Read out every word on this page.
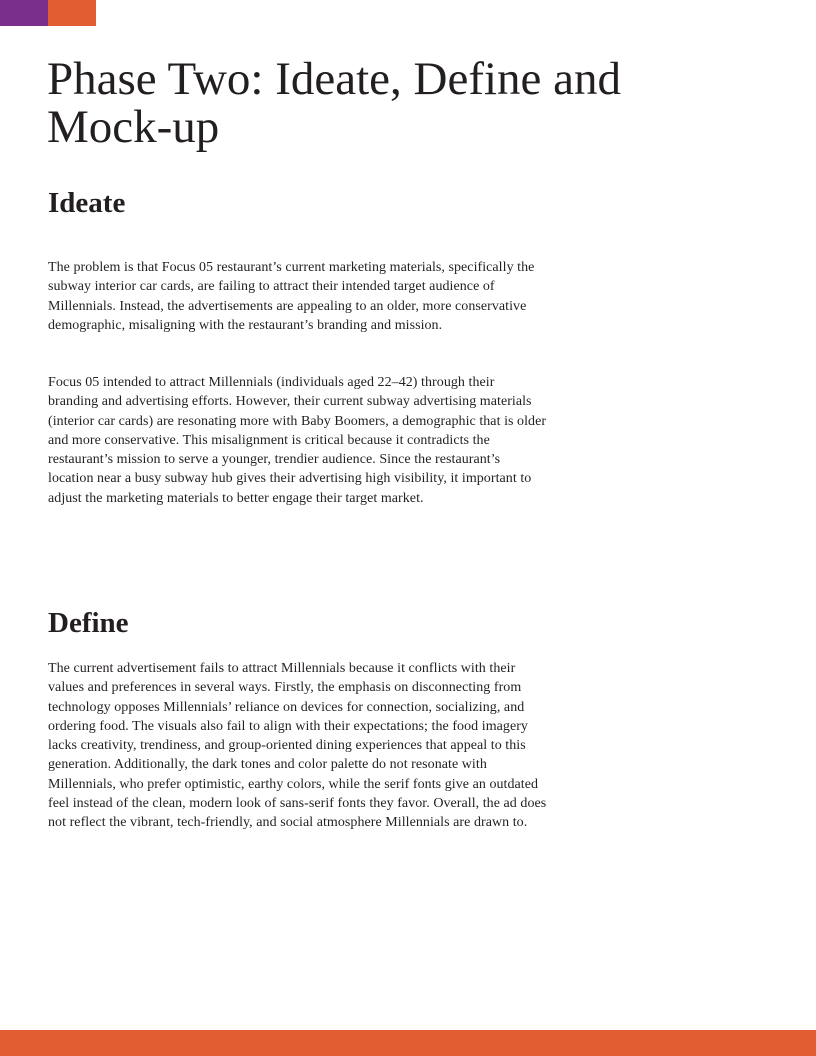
Phase Two: Ideate, Define and Mock-up
Ideate

The problem is that Focus 05 restaurant’s current marketing materials, specifically the subway interior car cards, are failing to attract their intended target audience of Millennials. Instead, the advertisements are appealing to an older, more conservative demographic, misaligning with the restaurant’s branding and mission.

Focus 05 intended to attract Millennials (individuals aged 22–42) through their branding and advertising efforts. However, their current subway advertising materials (interior car cards) are resonating more with Baby Boomers, a demographic that is older and more conservative. This misalignment is critical because it contradicts the restaurant’s mission to serve a younger, trendier audience. Since the restaurant’s location near a busy subway hub gives their advertising high visibility, it important to adjust the marketing materials to better engage their target market.

Define

The current advertisement fails to attract Millennials because it conflicts with their values and preferences in several ways. Firstly, the emphasis on disconnecting from technology opposes Millennials’ reliance on devices for connection, socializing, and ordering food. The visuals also fail to align with their expectations; the food imagery lacks creativity, trendiness, and group-oriented dining experiences that appeal to this generation. Additionally, the dark tones and color palette do not resonate with Millennials, who prefer optimistic, earthy colors, while the serif fonts give an outdated feel instead of the clean, modern look of sans-serif fonts they favor. Overall, the ad does not reflect the vibrant, tech-friendly, and social atmosphere Millennials are drawn to.
